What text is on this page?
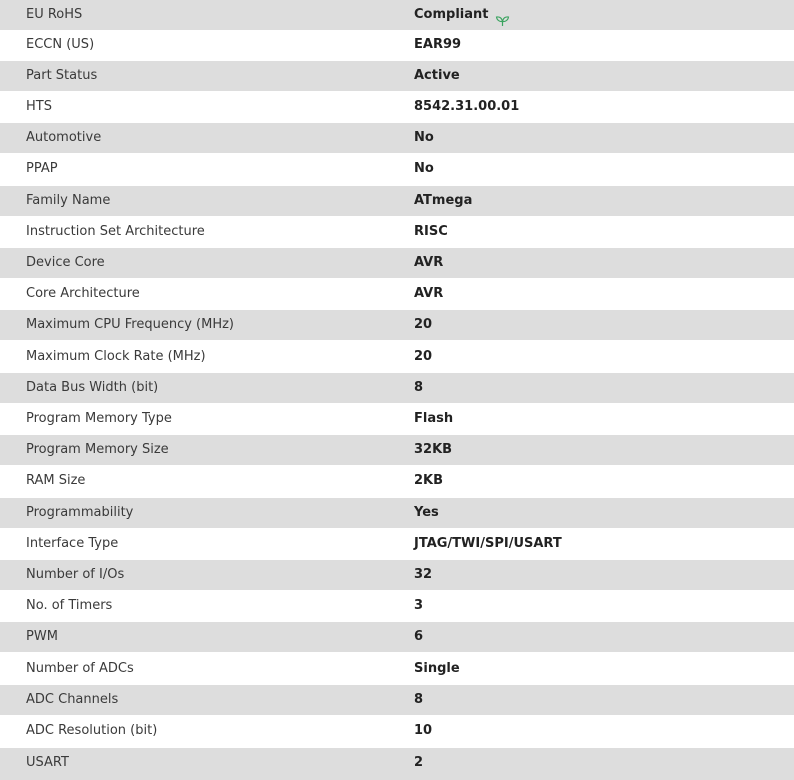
EU RoHS	Compliant
ECCN (US)	EAR99
Part Status	Active
HTS	8542.31.00.01
Automotive	No
PPAP	No
Family Name	ATmega
Instruction Set Architecture	RISC
Device Core	AVR
Core Architecture	AVR
Maximum CPU Frequency (MHz)	20
Maximum Clock Rate (MHz)	20
Data Bus Width (bit)	8
Program Memory Type	Flash
Program Memory Size	32KB
RAM Size	2KB
Programmability	Yes
Interface Type	JTAG/TWI/SPI/USART
Number of I/Os	32
No. of Timers	3
PWM	6
Number of ADCs	Single
ADC Channels	8
ADC Resolution (bit)	10
USART	2
